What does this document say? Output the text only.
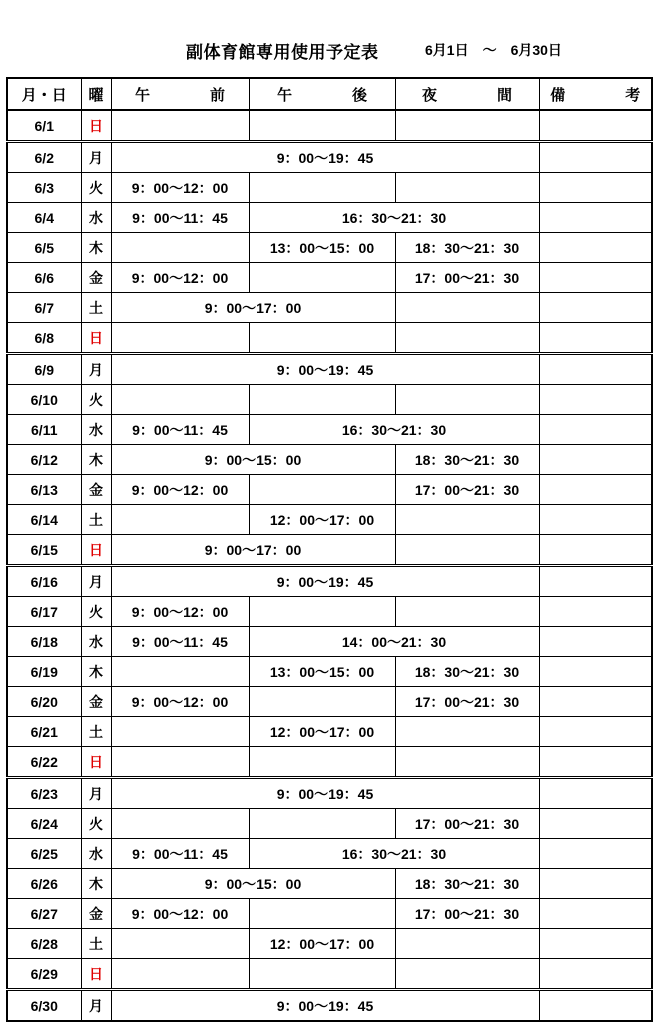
副体育館専用使用予定表	6月1日 ～ 6月30日
月・日	曜	午 前	午 後	夜 間	備 考
6/1	日				
6/2	月	9：00～19：45			
6/3	火	9：00～12：00			
6/4	水	9：00～11：45	16：30～21：30		
6/5	木		13：00～15：00	18：30～21：30	
6/6	金	9：00～12：00		17：00～21：30	
6/7	土	9：00～17：00			
6/8	日				
6/9	月	9：00～19：45			
6/10	火				
6/11	水	9：00～11：45	16：30～21：30		
6/12	木	9：00～15：00		18：30～21：30	
6/13	金	9：00～12：00		17：00～21：30	
6/14	土		12：00～17：00		
6/15	日	9：00～17：00			
6/16	月	9：00～19：45			
6/17	火	9：00～12：00			
6/18	水	9：00～11：45	14：00～21：30		
6/19	木		13：00～15：00	18：30～21：30	
6/20	金	9：00～12：00		17：00～21：30	
6/21	土		12：00～17：00		
6/22	日				
6/23	月	9：00～19：45			
6/24	火			17：00～21：30	
6/25	水	9：00～11：45	16：30～21：30		
6/26	木	9：00～15：00		18：30～21：30	
6/27	金	9：00～12：00		17：00～21：30	
6/28	土		12：00～17：00		
6/29	日				
6/30	月	9：00～19：45			
